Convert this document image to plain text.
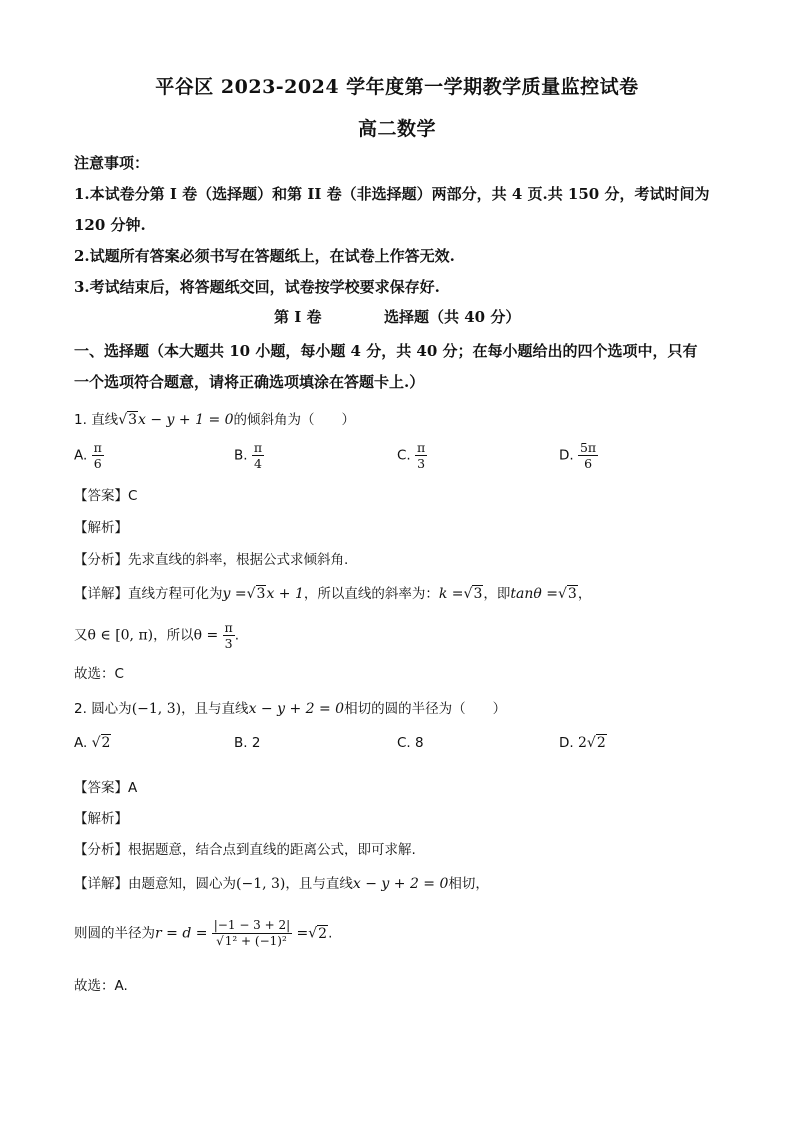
平谷区 2023-2024 学年度第一学期教学质量监控试卷
高二数学
注意事项：
1.本试卷分第 I 卷（选择题）和第 II 卷（非选择题）两部分，共 4 页.共 150 分，考试时间为
120 分钟.
2.试题所有答案必须书写在答题纸上，在试卷上作答无效.
3.考试结束后，将答题纸交回，试卷按学校要求保存好.
第 I 卷	选择题（共 40 分）
一、选择题（本大题共 10 小题，每小题 4 分，共 40 分；在每小题给出的四个选项中，只有
一个选项符合题意，请将正确选项填涂在答题卡上.）
1. 直线√3x − y + 1 = 0的倾斜角为（　　）
A. $\frac{\pi}{6}$	B. $\frac{\pi}{4}$	C. $\frac{\pi}{3}$	D. $\frac{5\pi}{6}$
【答案】C
【解析】
【分析】先求直线的斜率，根据公式求倾斜角.
【详解】直线方程可化为y =√3x + 1，所以直线的斜率为：k =√3，即tanθ =√3，
又θ ∈ [0, π)，所以$\theta = \frac{\pi}{3}$ .
故选：C
2. 圆心为(−1, 3)，且与直线x − y + 2 = 0相切的圆的半径为（　　）
A. √2	B. 2	C. 8	D. 2√2
【答案】A
【解析】
【分析】根据题意，结合点到直线的距离公式，即可求解.
【详解】由题意知，圆心为(−1, 3)，且与直线x − y + 2 = 0相切，
则圆的半径为$r = d = \frac{|-1 - 3 + 2|}{\text{√1² + (−1)²}} =√2$.
故选：A.
